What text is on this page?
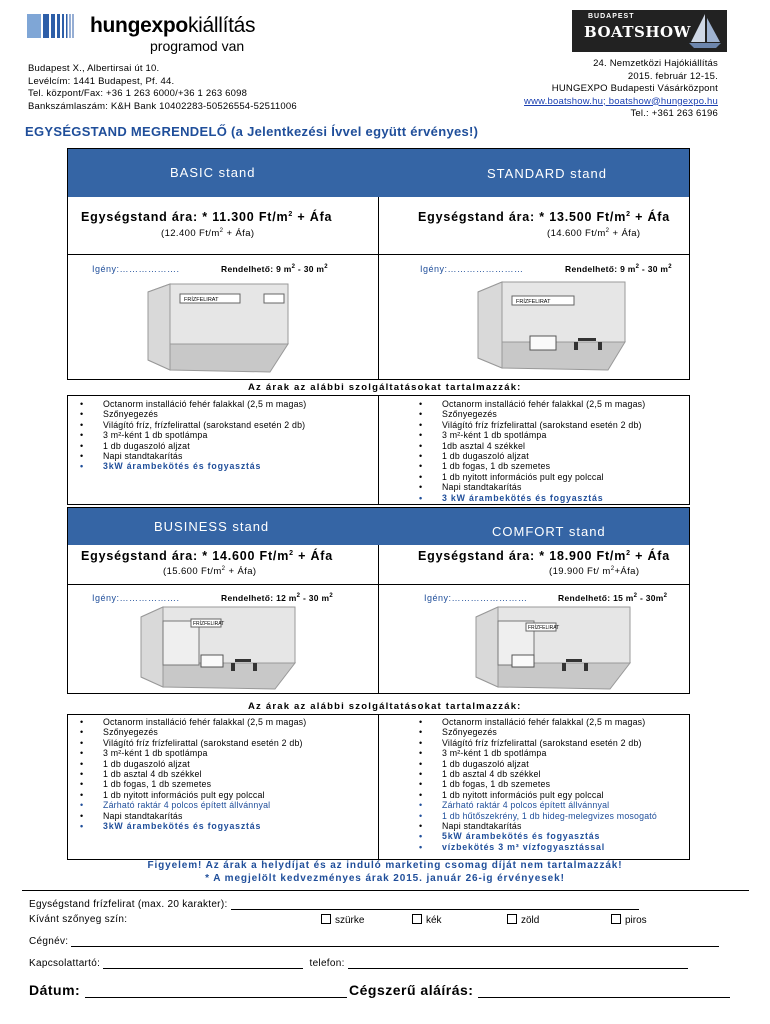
hungexpokiállítás
programod van
BUDAPEST
BOATSHOW
Budapest X., Albertirsai út 10.
Levélcím: 1441 Budapest, Pf. 44.
Tel. központ/Fax: +36 1 263 6000/+36 1 263 6098
Bankszámlaszám: K&H Bank 10402283-50526554-52511006
24. Nemzetközi Hajókiállítás
2015. február 12-15.
HUNGEXPO Budapesti Vásárközpont
www.boatshow.hu; boatshow@hungexpo.hu
Tel.: +361 263 6196
EGYSÉGSTAND MEGRENDELŐ (a Jelentkezési Ívvel együtt érvényes!)
BASIC stand	STANDARD stand
Egységstand ára: * 11.300 $Ft/m^2$ + Áfa
(12.400 $Ft/m^2$ + Áfa)
Egységstand ára: * 13.500 $Ft/m^2$ + Áfa
(14.600 $Ft/m^2$ + Áfa)
Igény:……………….	Rendelhető: 9 $m^2 - 30$ $m^2$	Igény:……………………	Rendelhető: 9 $m^2 - 30$ $m^2$
FRÍZFELIRAT	FRÍZFELIRAT
Az árak az alábbi szolgáltatásokat tartalmazzák:
• Octanorm installáció fehér falakkal (2,5 m magas)
• Szőnyegezés
• Világító fríz, frízfelirattal (sarokstand esetén 2 db)
• 3 m²-ként 1 db spotlámpa
• 1 db dugaszoló aljzat
• Napi standtakarítás
• 3kW árambekötés és fogyasztás
• Octanorm installáció fehér falakkal (2,5 m magas)
• Szőnyegezés
• Világító fríz frízfelirattal (sarokstand esetén 2 db)
• 3 m²-ként 1 db spotlámpa
• 1db asztal 4 székkel
• 1 db dugaszoló aljzat
• 1 db fogas, 1 db szemetes
• 1 db nyitott információs pult egy polccal
• Napi standtakarítás
• 3 kW árambekötés és fogyasztás
BUSINESS stand	COMFORT stand
Egységstand ára: * 14.600 $Ft/m^2$ + Áfa
(15.600 $Ft/m^2$ + Áfa)
Egységstand ára: * 18.900 $Ft/m^2$ + Áfa
(19.900 Ft/ $m^2+Áfa$)
Igény:……………….	Rendelhető: 12 $m^2 - 30$ $m^2$	Igény:……………………	Rendelhető: 15 $m^2 - 30m^2$
FRÍZFELIRAT
FRÍZFELIRAT
Az árak az alábbi szolgáltatásokat tartalmazzák:
• Octanorm installáció fehér falakkal (2,5 m magas)
• Szőnyegezés
• Világító fríz frízfelirattal (sarokstand esetén 2 db)
• 3 m²-ként 1 db spotlámpa
• 1 db dugaszoló aljzat
• 1 db asztal 4 db székkel
• 1 db fogas, 1 db szemetes
• 1 db nyitott információs pult egy polccal
• Zárható raktár 4 polcos épített állvánnyal
• Napi standtakarítás
• 3kW árambekötés és fogyasztás
• Octanorm installáció fehér falakkal (2,5 m magas)
• Szőnyegezés
• Világító fríz frízfelirattal (sarokstand esetén 2 db)
• 3 m²-ként 1 db spotlámpa
• 1 db dugaszoló aljzat
• 1 db asztal 4 db székkel
• 1 db fogas, 1 db szemetes
• 1 db nyitott információs pult egy polccal
• Zárható raktár 4 polcos épített állvánnyal
• 1 db hűtőszekrény, 1 db hideg-melegvizes mosogató
• Napi standtakarítás
• 5kW árambekötés és fogyasztás
• vízbekötés 3 m³ vízfogyasztással
Figyelem! Az árak a helydíjat és az induló marketing csomag díját nem tartalmazzák!
* A megjelölt kedvezményes árak 2015. január 26-ig érvényesek!
Egységstand frízfelirat (max. 20 karakter):
Kívánt szőnyeg szín:	szürke	kék	zöld	piros
Cégnév:
Kapcsolattartó:	telefon:
Dátum:	Cégszerű aláírás:
